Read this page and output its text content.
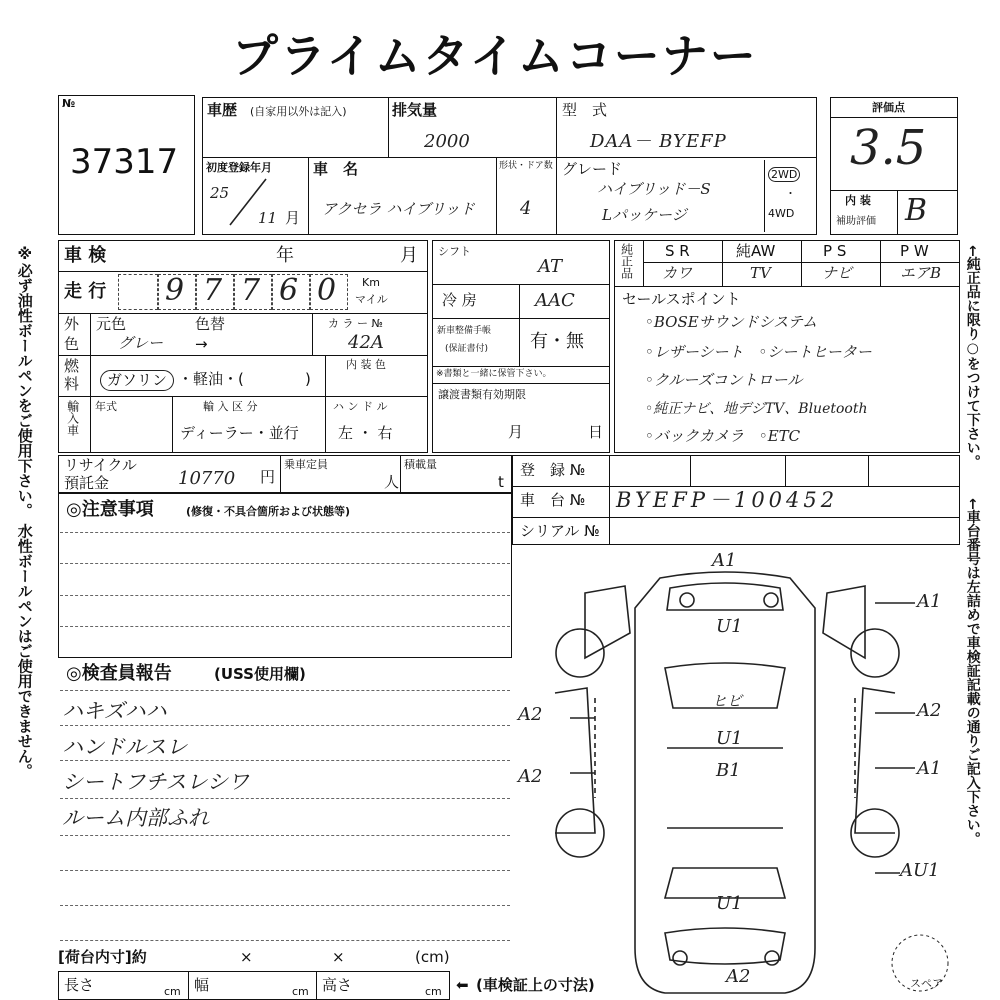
プライムタイムコーナー
※必ず油性ボールペンをご使用下さい。 水性ボールペンはご使用できません。	←純正品に限り○をつけて下さい。
←車台番号は左詰めで車検証記載の通りご記入下さい。
№
37317
車歴 (自家用以外は記入)	排気量
2000
型　式
DAA－ BYEFP
初度登録年月
25
11 月
車　名
アクセラ ハイブリッド
形状・ドア数
4
グレード
ハイブリッド－S
Lパッケージ
2WD
・
4WD
評価点
3.5
内 装
補助評価 B
車 検	年	月
走 行 9 7 7 6 0 Km
マイル
外
色
元色	色替
グレー →
カ ラ ー №
42A
燃
料	ガソリン ・軽油・(	)
内 装 色
輸入車 年式	輸 入 区 分
ディーラー・並行
ハ ン ド ル
左 ・ 右
シフト
AT
冷 房	AAC
新車整備手帳
(保証書付) 有・無
※書類と一緒に保管下さい。
譲渡書類有効期限
月	日
純正品 S R	純AW	P S	P W
カワ	TV	ナビ	エアB
セールスポイント
◦BOSEサウンドシステム
◦レザーシート　◦シートヒーター
◦クルーズコントロール
◦純正ナビ、地デジTV、Bluetooth
◦バックカメラ　◦ETC
リサイクル
預託金	10770 円
乗車定員
人
積載量
t
登　録 №
車　台 № BYEFP－100452
シリアル №
◎注意事項	(修復・不具合箇所および状態等)
◎検査員報告	(USS使用欄)
ハキズハハ
ハンドルスレ
シートフチスレシワ
ルーム内部ふれ
[荷台内寸]約	×	×	(cm)
長さ	cm 幅	cm 高さ	cm ⬅ (車検証上の寸法)
A1
U1
A1
A2
ヒビ	A2
U1
B1
A2	A1
AU1
U1
A2	スペア
